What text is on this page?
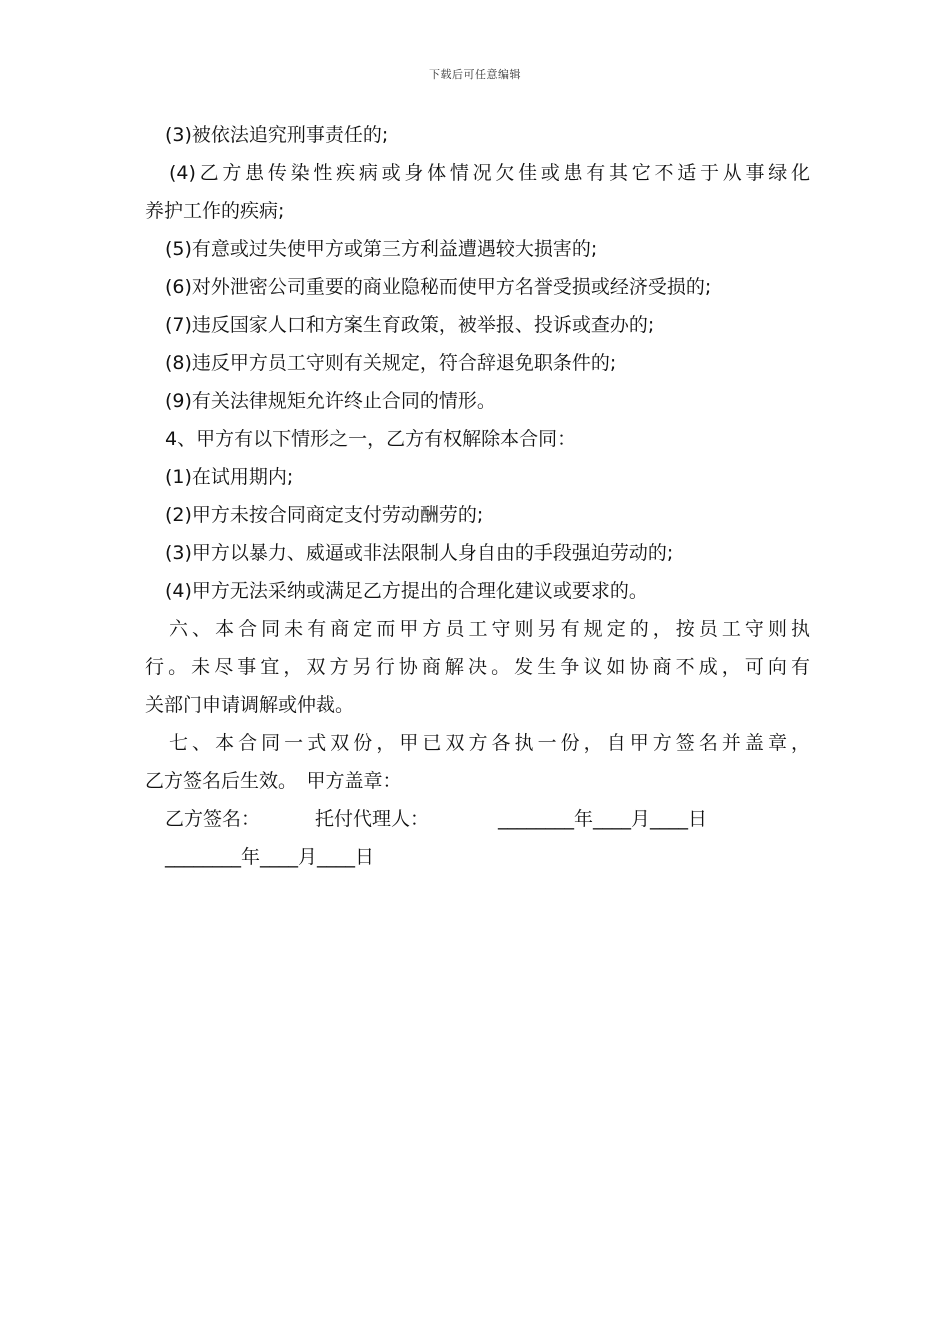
下载后可任意编辑
(3)被依法追究刑事责任的;
(4)乙方患传染性疾病或身体情况欠佳或患有其它不适于从事绿化
养护工作的疾病;
(5)有意或过失使甲方或第三方利益遭遇较大损害的;
(6)对外泄密公司重要的商业隐秘而使甲方名誉受损或经济受损的;
(7)违反国家人口和方案生育政策，被举报、投诉或查办的;
(8)违反甲方员工守则有关规定，符合辞退免职条件的;
(9)有关法律规矩允许终止合同的情形。
4、甲方有以下情形之一，乙方有权解除本合同：
(1)在试用期内;
(2)甲方未按合同商定支付劳动酬劳的;
(3)甲方以暴力、威逼或非法限制人身自由的手段强迫劳动的;
(4)甲方无法采纳或满足乙方提出的合理化建议或要求的。
六、本合同未有商定而甲方员工守则另有规定的，按员工守则执
行。未尽事宜，双方另行协商解决。发生争议如协商不成，可向有
关部门申请调解或仲裁。
七、本合同一式双份，甲已双方各执一份，自甲方签名并盖章，
乙方签名后生效。　甲方盖章：
乙方签名：	托付代理人：	________年____月____日
________年____月____日
